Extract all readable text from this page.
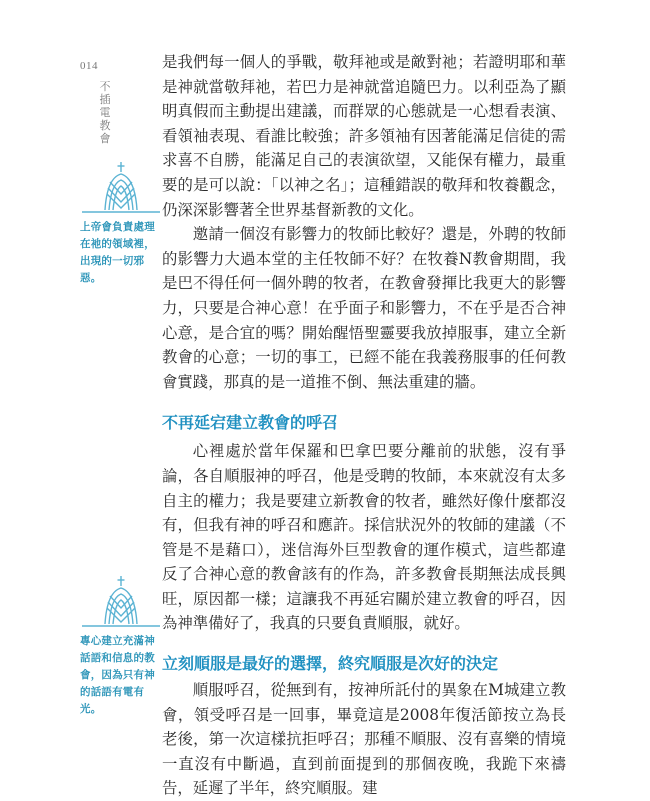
014
不插電教會
上帝會負責處理在祂的領域裡，出現的一切邪惡。
專心建立充滿神話語和信息的教會，因為只有神的話語有電有光。

是我們每一個人的爭戰，敬拜祂或是敵對祂；若證明耶和華是神就當敬拜祂，若巴力是神就當追隨巴力。以利亞為了顯明真假而主動提出建議，而群眾的心態就是一心想看表演、看領袖表現、看誰比較強；許多領袖有因著能滿足信徒的需求喜不自勝，能滿足自己的表演欲望，又能保有權力，最重要的是可以說：「以神之名」；這種錯誤的敬拜和牧養觀念，仍深深影響著全世界基督新教的文化。

邀請一個沒有影響力的牧師比較好？還是，外聘的牧師的影響力大過本堂的主任牧師不好？在牧養N教會期間，我是巴不得任何一個外聘的牧者，在教會發揮比我更大的影響力，只要是合神心意！在乎面子和影響力，不在乎是否合神心意，是合宜的嗎？開始醒悟聖靈要我放掉服事，建立全新教會的心意；一切的事工，已經不能在我義務服事的任何教會實踐，那真的是一道推不倒、無法重建的牆。

不再延宕建立教會的呼召

心裡處於當年保羅和巴拿巴要分離前的狀態，沒有爭論，各自順服神的呼召，他是受聘的牧師，本來就沒有太多自主的權力；我是要建立新教會的牧者，雖然好像什麼都沒有，但我有神的呼召和應許。採信狀況外的牧師的建議（不管是不是藉口），迷信海外巨型教會的運作模式，這些都違反了合神心意的教會該有的作為，許多教會長期無法成長興旺，原因都一樣；這讓我不再延宕關於建立教會的呼召，因為神準備好了，我真的只要負責順服，就好。

立刻順服是最好的選擇，終究順服是次好的決定

順服呼召，從無到有，按神所託付的異象在M城建立教會，領受呼召是一回事，畢竟這是2008年復活節按立為長老後，第一次這樣抗拒呼召；那種不順服、沒有喜樂的情境一直沒有中斷過，直到前面提到的那個夜晚，我跪下來禱告，延遲了半年，終究順服。建
